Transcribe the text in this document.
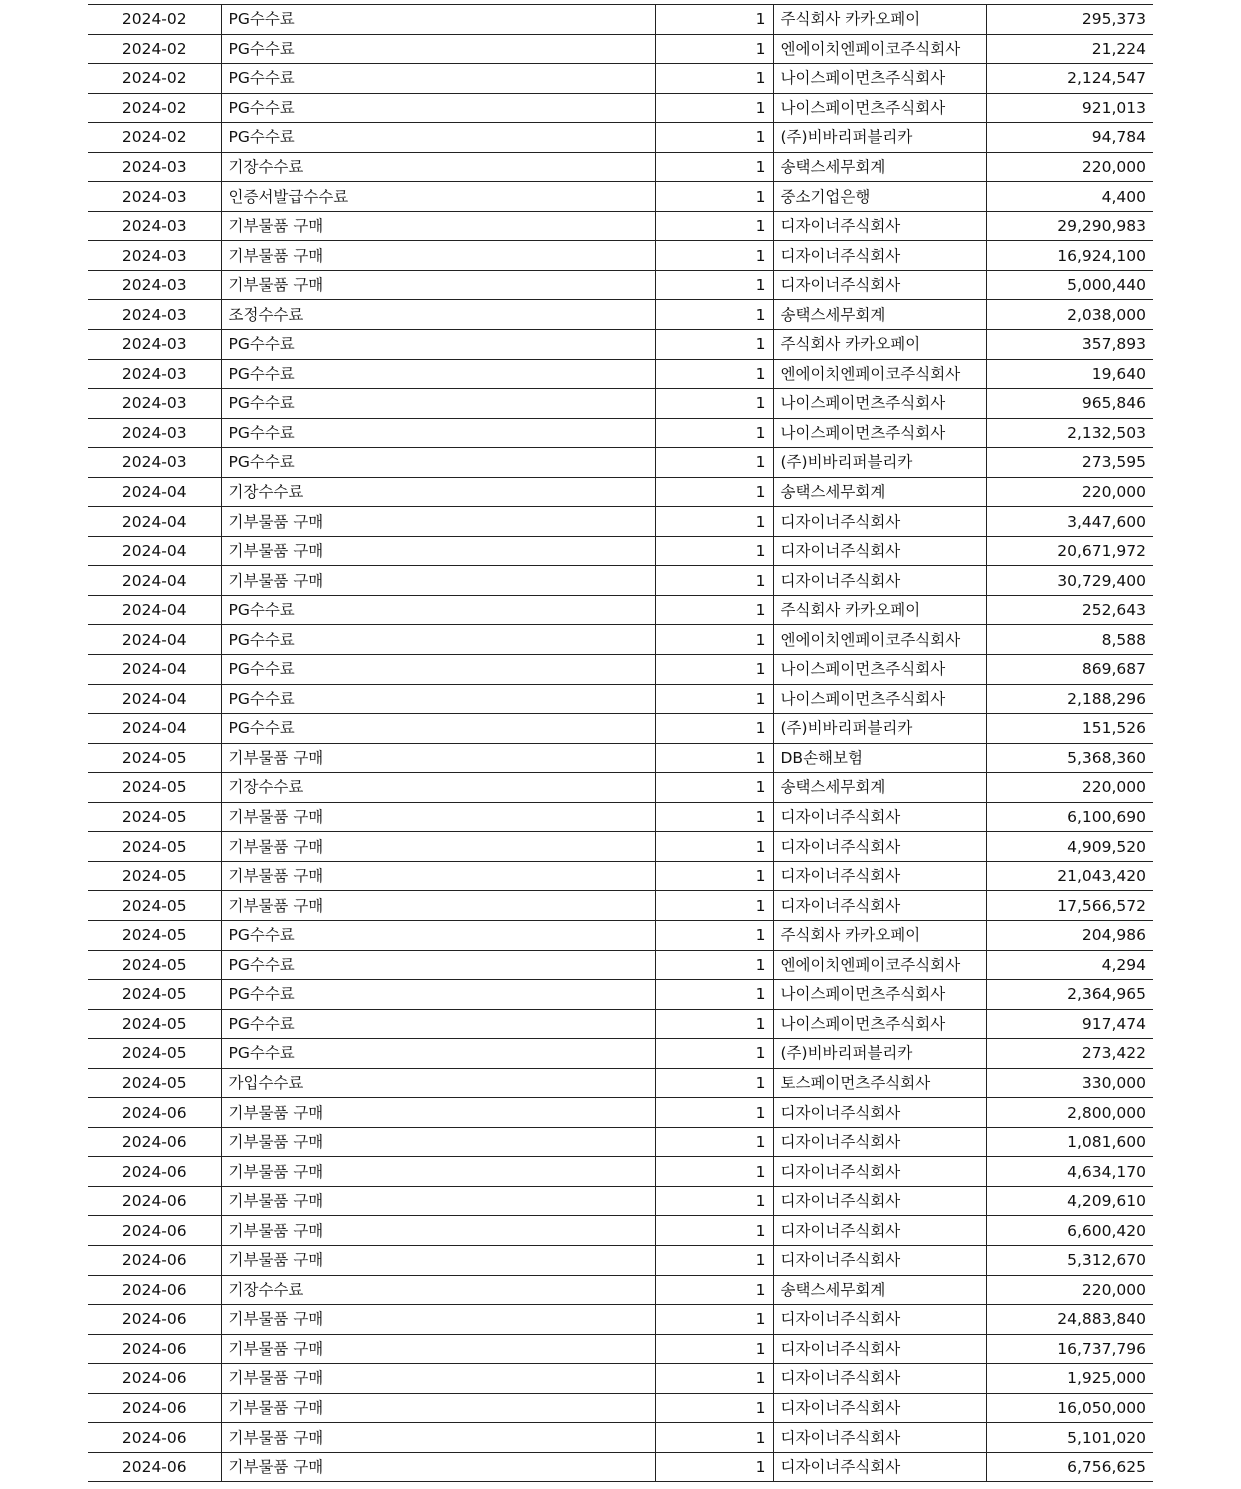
2024-02	PG수수료	1	주식회사 카카오페이	295,373
2024-02	PG수수료	1	엔에이치엔페이코주식회사	21,224
2024-02	PG수수료	1	나이스페이먼츠주식회사	2,124,547
2024-02	PG수수료	1	나이스페이먼츠주식회사	921,013
2024-02	PG수수료	1	(주)비바리퍼블리카	94,784
2024-03	기장수수료	1	송택스세무회계	220,000
2024-03	인증서발급수수료	1	중소기업은행	4,400
2024-03	기부물품 구매	1	디자이너주식회사	29,290,983
2024-03	기부물품 구매	1	디자이너주식회사	16,924,100
2024-03	기부물품 구매	1	디자이너주식회사	5,000,440
2024-03	조정수수료	1	송택스세무회계	2,038,000
2024-03	PG수수료	1	주식회사 카카오페이	357,893
2024-03	PG수수료	1	엔에이치엔페이코주식회사	19,640
2024-03	PG수수료	1	나이스페이먼츠주식회사	965,846
2024-03	PG수수료	1	나이스페이먼츠주식회사	2,132,503
2024-03	PG수수료	1	(주)비바리퍼블리카	273,595
2024-04	기장수수료	1	송택스세무회계	220,000
2024-04	기부물품 구매	1	디자이너주식회사	3,447,600
2024-04	기부물품 구매	1	디자이너주식회사	20,671,972
2024-04	기부물품 구매	1	디자이너주식회사	30,729,400
2024-04	PG수수료	1	주식회사 카카오페이	252,643
2024-04	PG수수료	1	엔에이치엔페이코주식회사	8,588
2024-04	PG수수료	1	나이스페이먼츠주식회사	869,687
2024-04	PG수수료	1	나이스페이먼츠주식회사	2,188,296
2024-04	PG수수료	1	(주)비바리퍼블리카	151,526
2024-05	기부물품 구매	1	DB손해보험	5,368,360
2024-05	기장수수료	1	송택스세무회계	220,000
2024-05	기부물품 구매	1	디자이너주식회사	6,100,690
2024-05	기부물품 구매	1	디자이너주식회사	4,909,520
2024-05	기부물품 구매	1	디자이너주식회사	21,043,420
2024-05	기부물품 구매	1	디자이너주식회사	17,566,572
2024-05	PG수수료	1	주식회사 카카오페이	204,986
2024-05	PG수수료	1	엔에이치엔페이코주식회사	4,294
2024-05	PG수수료	1	나이스페이먼츠주식회사	2,364,965
2024-05	PG수수료	1	나이스페이먼츠주식회사	917,474
2024-05	PG수수료	1	(주)비바리퍼블리카	273,422
2024-05	가입수수료	1	토스페이먼츠주식회사	330,000
2024-06	기부물품 구매	1	디자이너주식회사	2,800,000
2024-06	기부물품 구매	1	디자이너주식회사	1,081,600
2024-06	기부물품 구매	1	디자이너주식회사	4,634,170
2024-06	기부물품 구매	1	디자이너주식회사	4,209,610
2024-06	기부물품 구매	1	디자이너주식회사	6,600,420
2024-06	기부물품 구매	1	디자이너주식회사	5,312,670
2024-06	기장수수료	1	송택스세무회계	220,000
2024-06	기부물품 구매	1	디자이너주식회사	24,883,840
2024-06	기부물품 구매	1	디자이너주식회사	16,737,796
2024-06	기부물품 구매	1	디자이너주식회사	1,925,000
2024-06	기부물품 구매	1	디자이너주식회사	16,050,000
2024-06	기부물품 구매	1	디자이너주식회사	5,101,020
2024-06	기부물품 구매	1	디자이너주식회사	6,756,625
